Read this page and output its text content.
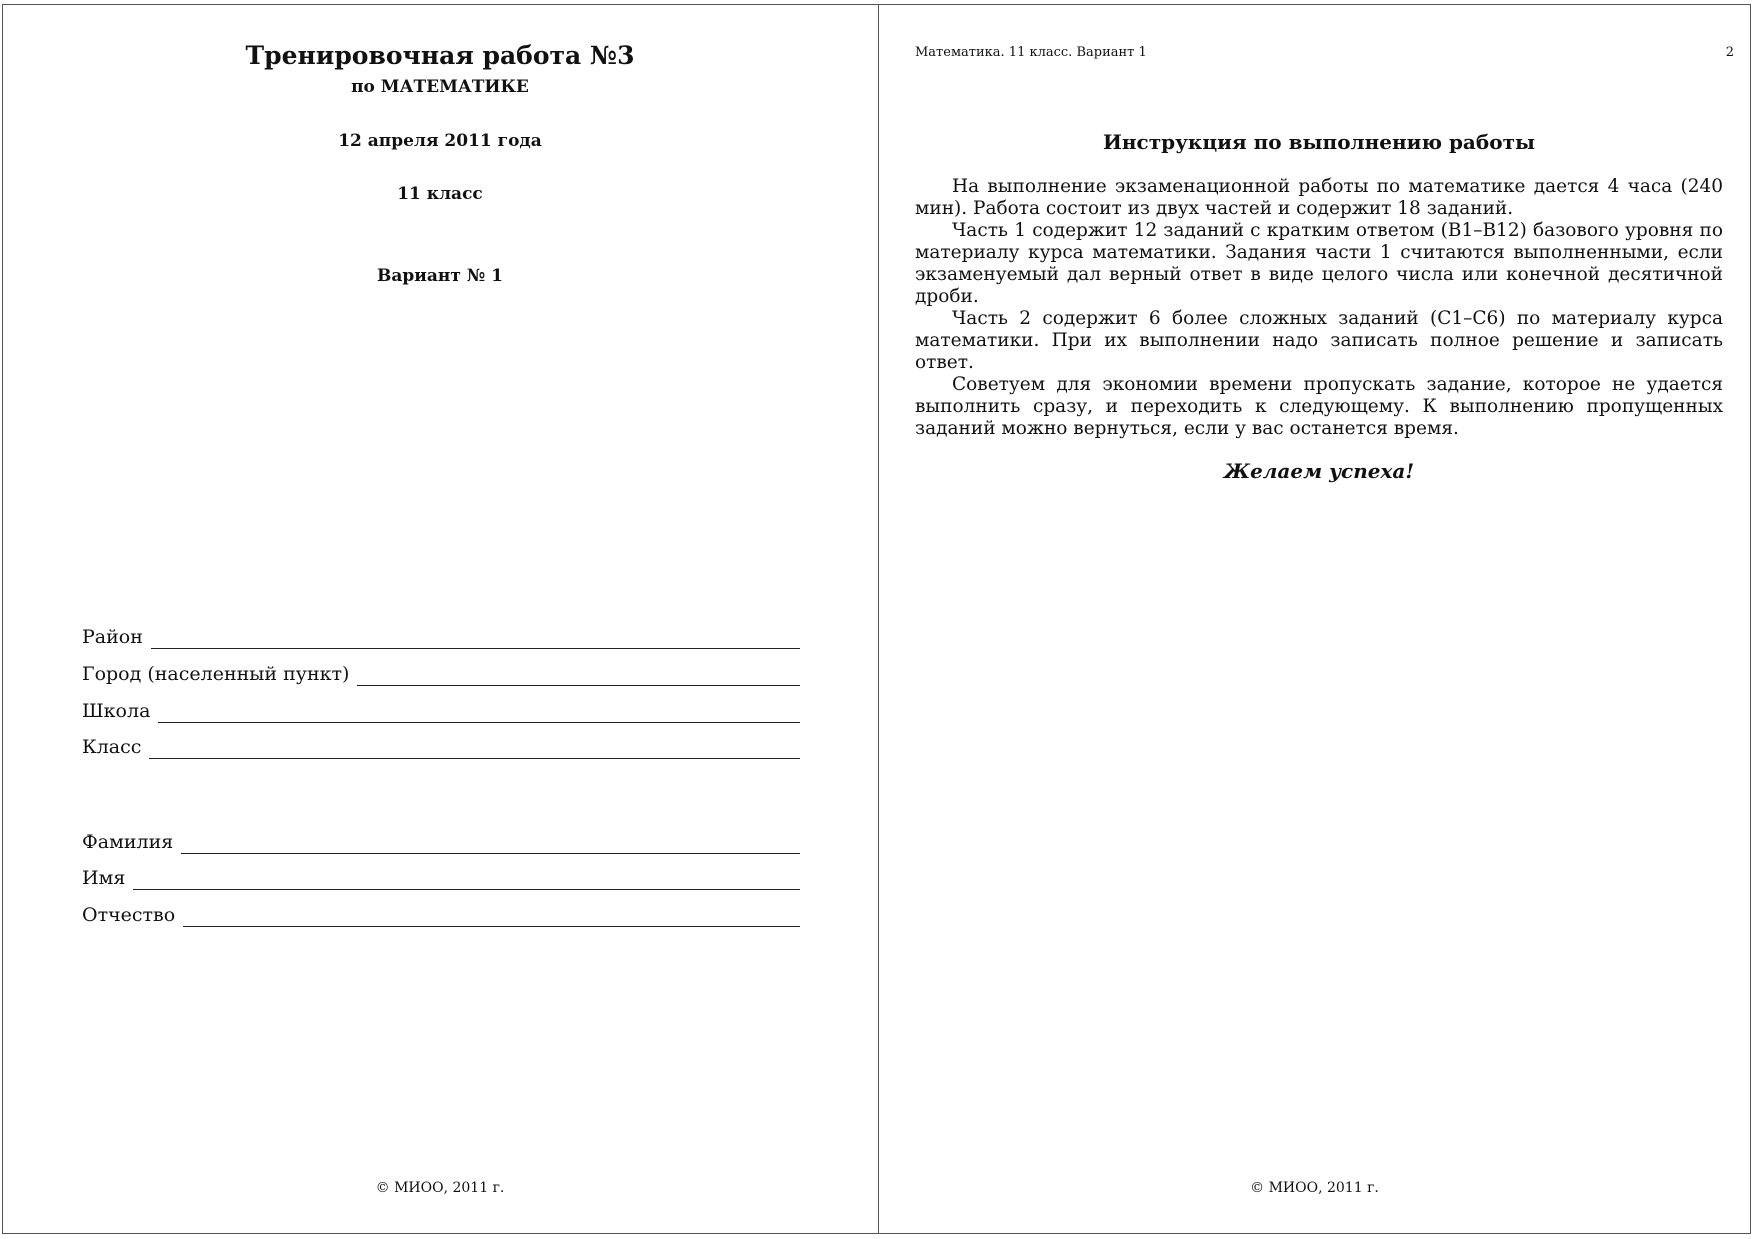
Тренировочная работа №3
по МАТЕМАТИКЕ
12 апреля 2011 года
11 класс
Вариант № 1
Район
Город (населенный пункт)
Школа
Класс
Фамилия
Имя
Отчество
© МИОО, 2011 г.
Математика. 11 класс. Вариант 1	2
Инструкция по выполнению работы

На выполнение экзаменационной работы по математике дается 4 часа (240 мин). Работа состоит из двух частей и содержит 18 заданий.

Часть 1 содержит 12 заданий с кратким ответом (B1–B12) базового уровня по материалу курса математики. Задания части 1 считаются выполненными, если экзаменуемый дал верный ответ в виде целого числа или конечной десятичной дроби.

Часть 2 содержит 6 более сложных заданий (C1–C6) по материалу курса математики. При их выполнении надо записать полное решение и записать ответ.

Советуем для экономии времени пропускать задание, которое не удается выполнить сразу, и переходить к следующему. К выполнению пропущенных заданий можно вернуться, если у вас останется время.

Желаем успеха!
© МИОО, 2011 г.
